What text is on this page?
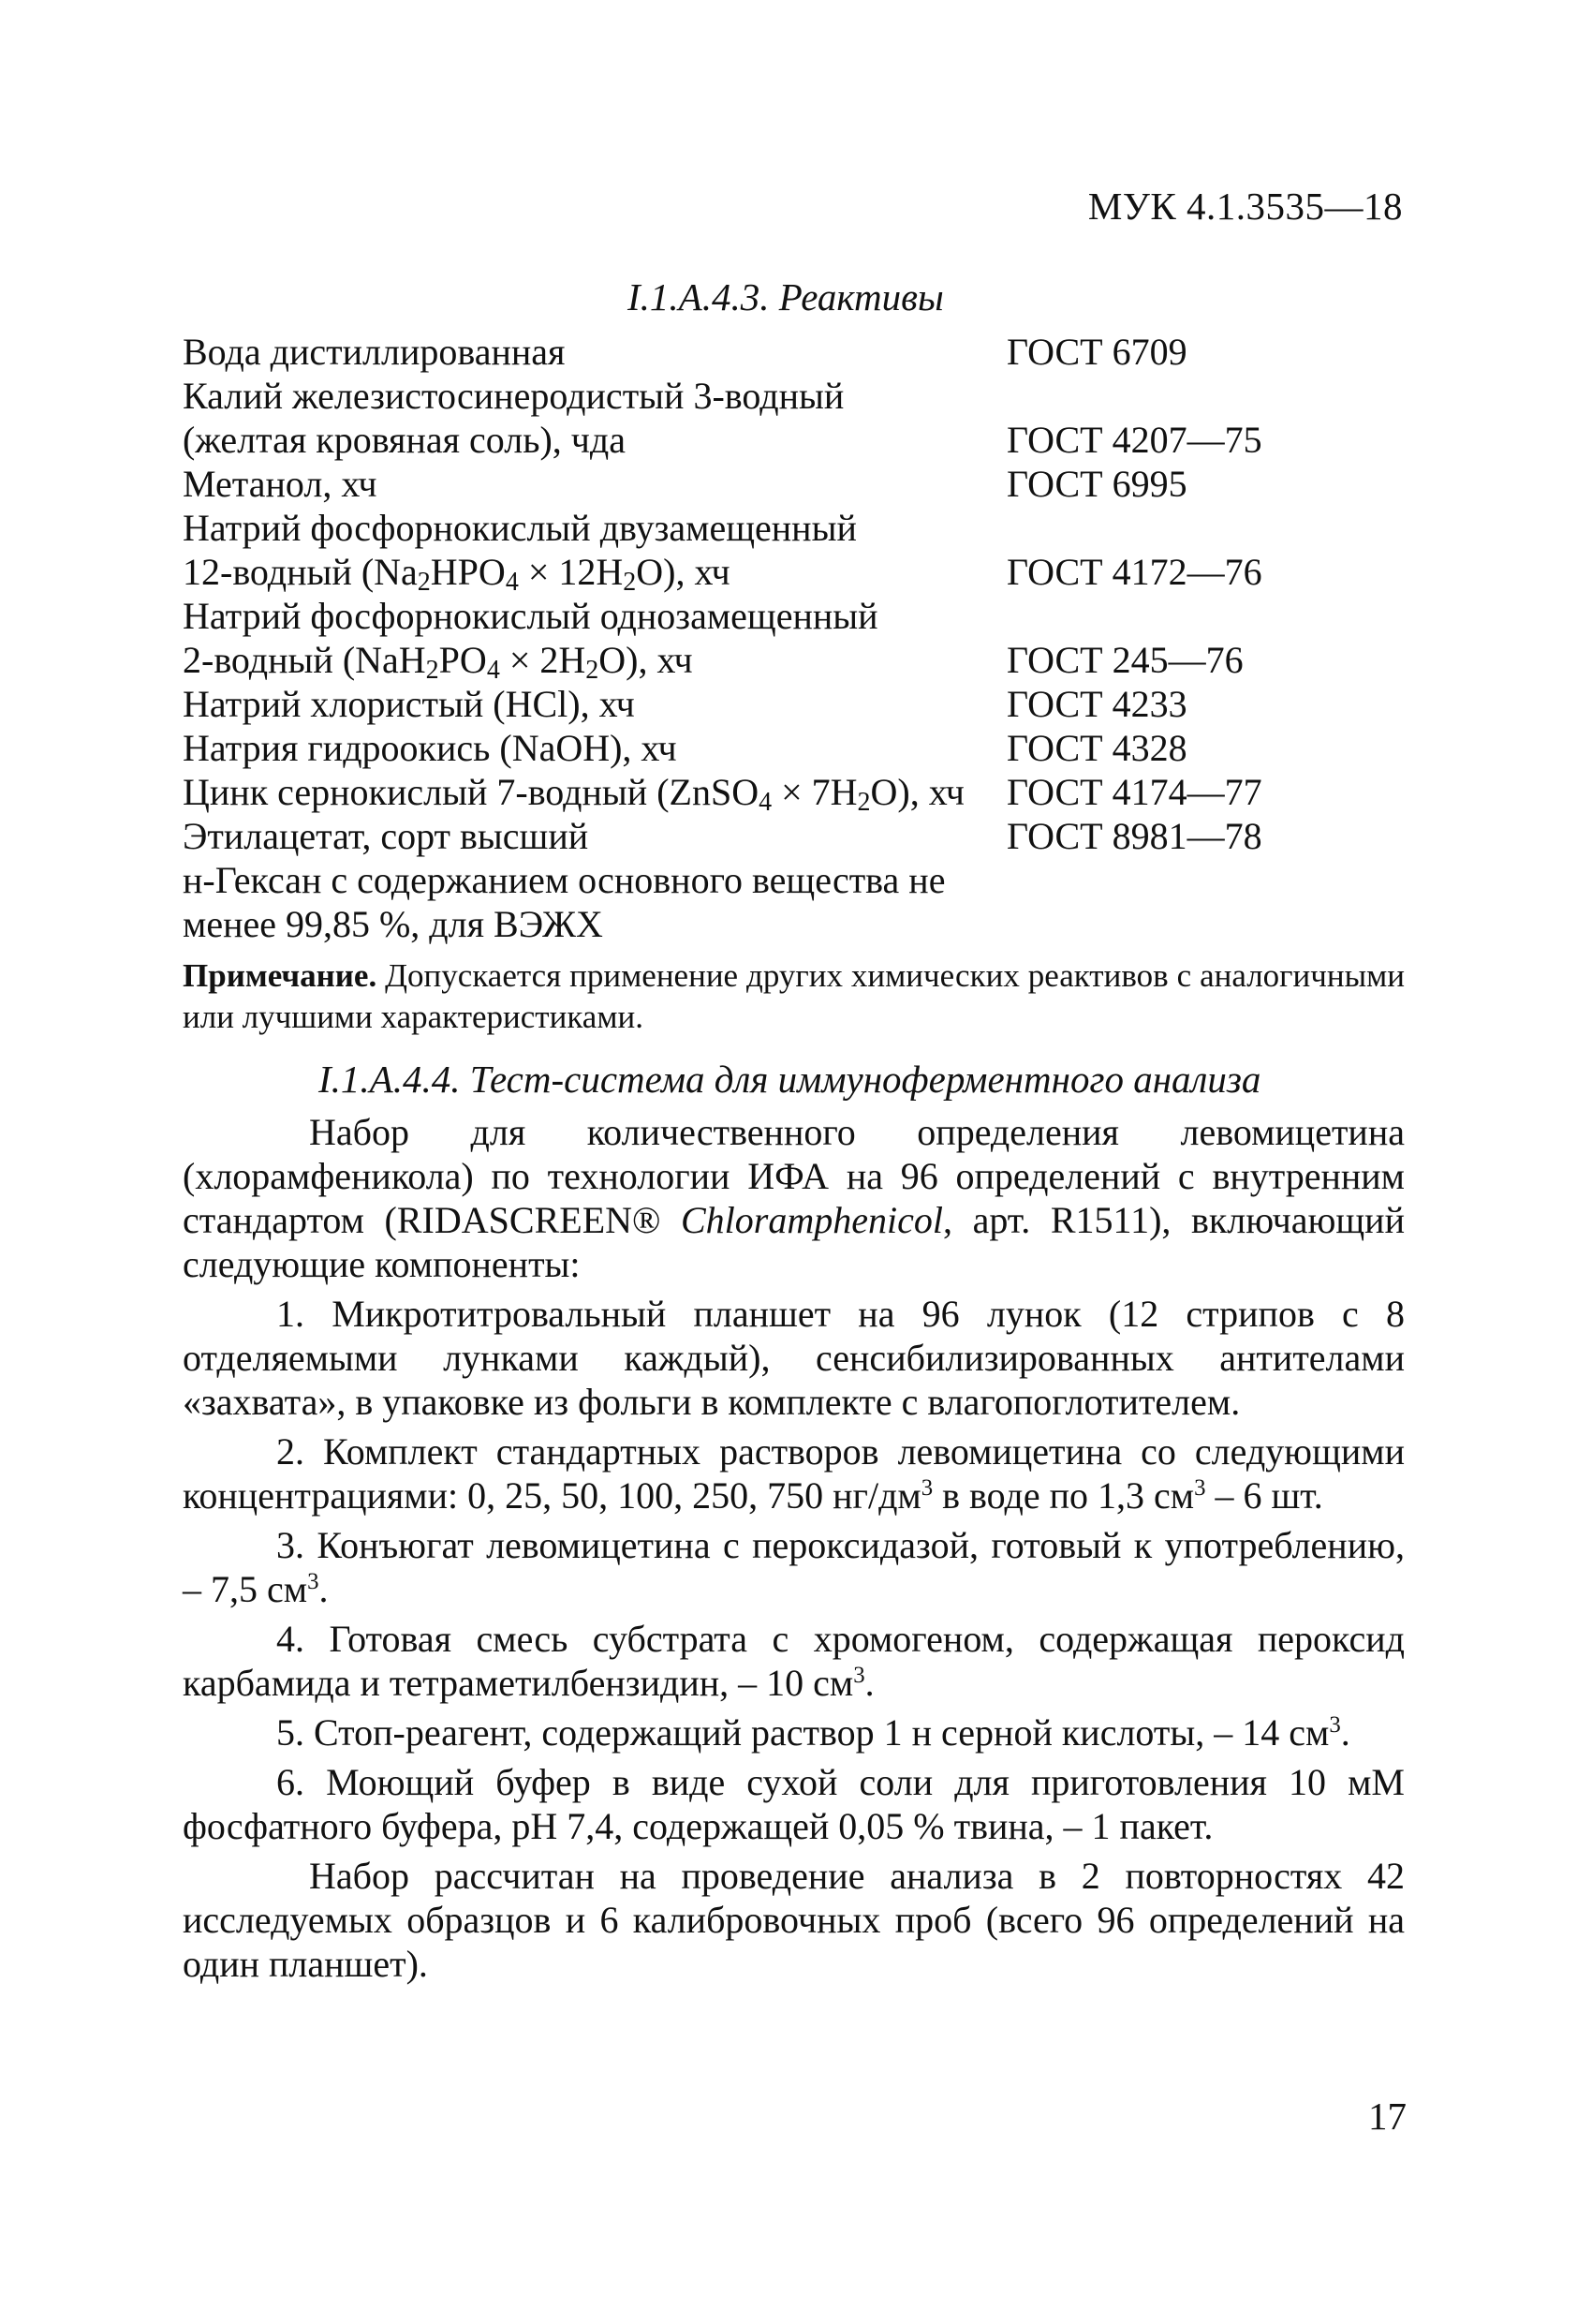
МУК 4.1.3535—18
I.1.А.4.3. Реактивы
Вода дистиллированная	ГОСТ 6709
Калий железистосинеродистый 3-водный
(желтая кровяная соль), чда	ГОСТ 4207—75
Метанол, хч	ГОСТ 6995
Натрий фосфорнокислый двузамещенный
12-водный $(Na_2HPO_4 \times 12H_2O)$, хч	ГОСТ 4172—76
Натрий фосфорнокислый однозамещенный
2-водный $(NaH_2PO_4 \times 2H_2O)$, хч	ГОСТ 245—76
Натрий хлористый (HCl), хч	ГОСТ 4233
Натрия гидроокись (NaOH), хч	ГОСТ 4328
Цинк сернокислый 7-водный (ZnSO$_4$ × $7H_2O$), хч ГОСТ 4174—77
Этилацетат, сорт высший	ГОСТ 8981—78
н-Гексан с содержанием основного вещества не
менее 99,85 %, для ВЭЖХ
Примечание. Допускается применение других химических реактивов с аналогичными или лучшими характеристиками.
I.1.А.4.4. Тест-система для иммуноферментного анализа

Набор для количественного определения левомицетина (хлорамфеникола) по технологии ИФА на 96 определений с внутренним стандартом (RIDASCREEN® Chloramphenicol, арт. R1511), включающий следующие компоненты:

1. Микротитровальный планшет на 96 лунок (12 стрипов с 8 отделяемыми лунками каждый), сенсибилизированных антителами «захвата», в упаковке из фольги в комплекте с влагопоглотителем.

2. Комплект стандартных растворов левомицетина со следующими концентрациями: 0, 25, 50, 100, 250, 750 $нг/дм^3$ в воде по 1,3 $см^3 - 6$ шт.

3. Конъюгат левомицетина с пероксидазой, готовый к употреблению, – 7,5 $см^3$.

4. Готовая смесь субстрата с хромогеном, содержащая пероксид карбамида и тетраметилбензидин, – 10 $см^3$.

5. Стоп-реагент, содержащий раствор 1 н серной кислоты, – 14 $см^3$.

6. Моющий буфер в виде сухой соли для приготовления 10 мМ фосфатного буфера, pH 7,4, содержащей 0,05 % твина, – 1 пакет.

Набор рассчитан на проведение анализа в 2 повторностях 42 исследуемых образцов и 6 калибровочных проб (всего 96 определений на один планшет).

17
